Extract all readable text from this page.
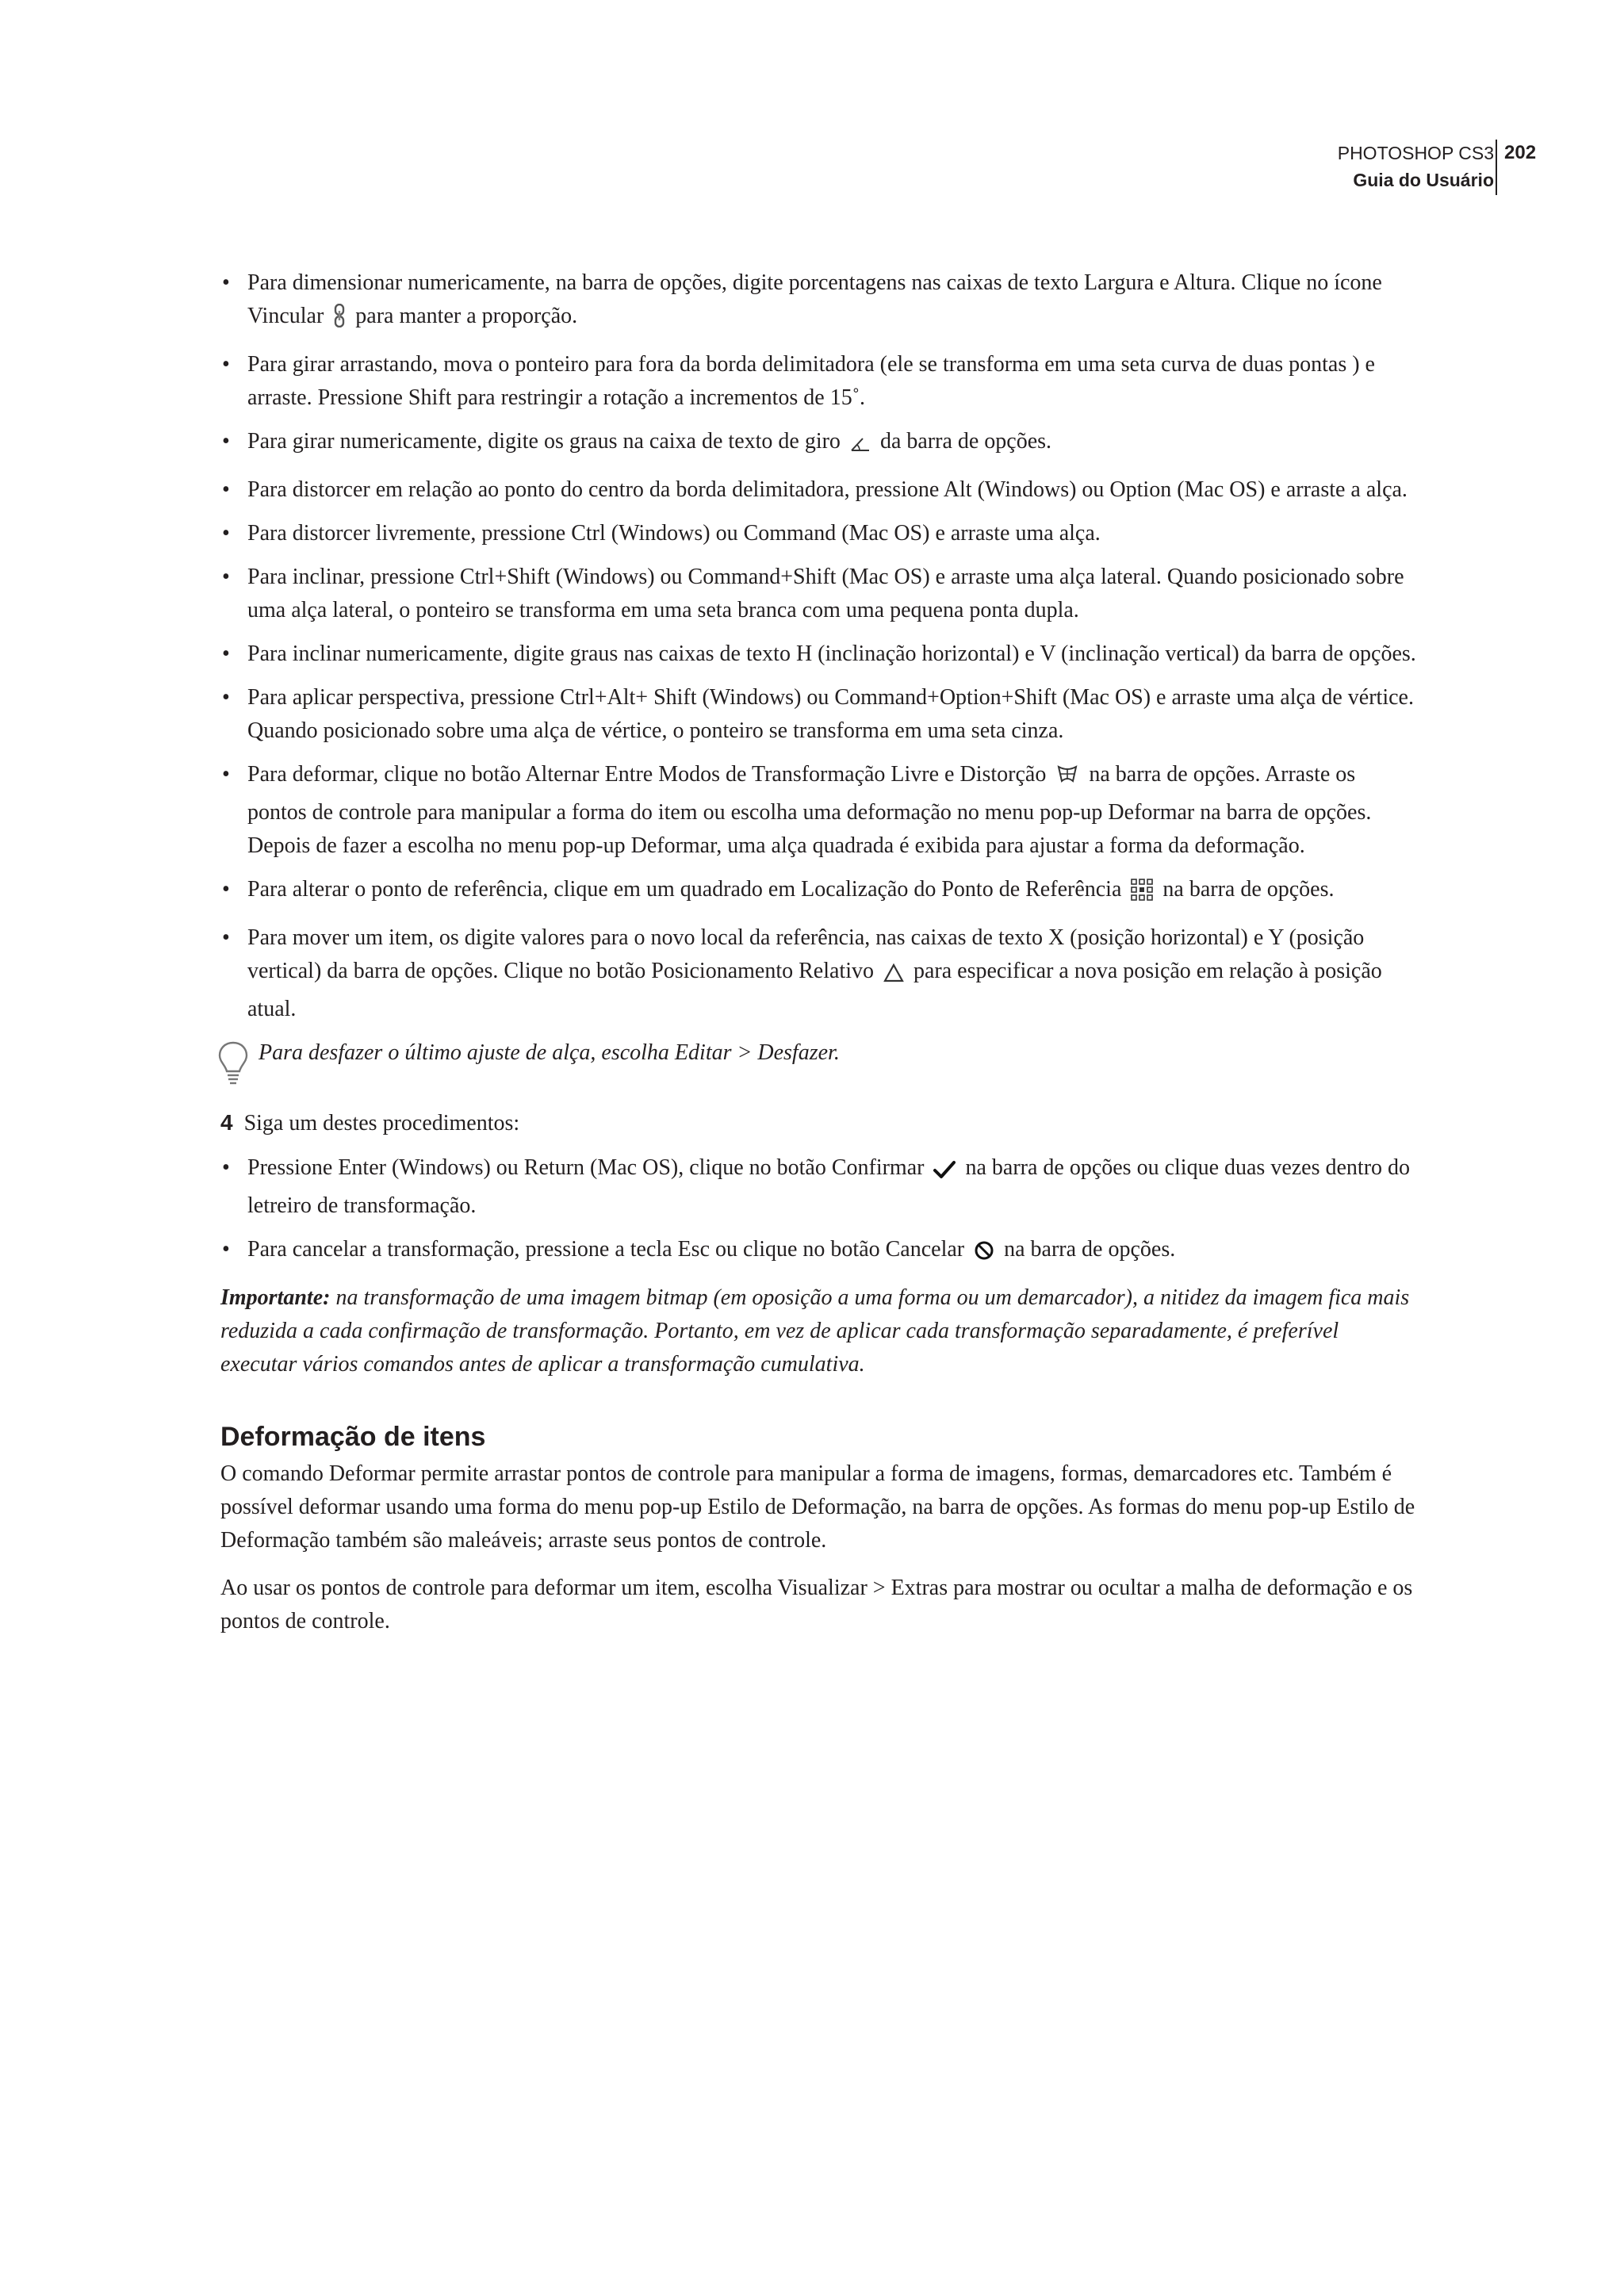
PHOTOSHOP CS3
Guia do Usuário
202
• Para dimensionar numericamente, na barra de opções, digite porcentagens nas caixas de texto Largura e Altura. Clique no ícone Vincular para manter a proporção.
• Para girar arrastando, mova o ponteiro para fora da borda delimitadora (ele se transforma em uma seta curva de duas pontas ) e arraste. Pressione Shift para restringir a rotação a incrementos de 15˚.
• Para girar numericamente, digite os graus na caixa de texto de giro da barra de opções.
• Para distorcer em relação ao ponto do centro da borda delimitadora, pressione Alt (Windows) ou Option (Mac OS) e arraste a alça.
• Para distorcer livremente, pressione Ctrl (Windows) ou Command (Mac OS) e arraste uma alça.
• Para inclinar, pressione Ctrl+Shift (Windows) ou Command+Shift (Mac OS) e arraste uma alça lateral. Quando posicionado sobre uma alça lateral, o ponteiro se transforma em uma seta branca com uma pequena ponta dupla.
• Para inclinar numericamente, digite graus nas caixas de texto H (inclinação horizontal) e V (inclinação vertical) da barra de opções.
• Para aplicar perspectiva, pressione Ctrl+Alt+ Shift (Windows) ou Command+Option+Shift (Mac OS) e arraste uma alça de vértice. Quando posicionado sobre uma alça de vértice, o ponteiro se transforma em uma seta cinza.
• Para deformar, clique no botão Alternar Entre Modos de Transformação Livre e Distorção na barra de opções. Arraste os pontos de controle para manipular a forma do item ou escolha uma deformação no menu pop-up Deformar na barra de opções. Depois de fazer a escolha no menu pop-up Deformar, uma alça quadrada é exibida para ajustar a forma da deformação.
• Para alterar o ponto de referência, clique em um quadrado em Localização do Ponto de Referência na barra de opções.
• Para mover um item, os digite valores para o novo local da referência, nas caixas de texto X (posição horizontal) e Y (posição vertical) da barra de opções. Clique no botão Posicionamento Relativo para especificar a nova posição em relação à posição atual.
Para desfazer o último ajuste de alça, escolha Editar > Desfazer.
4 Siga um destes procedimentos:
• Pressione Enter (Windows) ou Return (Mac OS), clique no botão Confirmar na barra de opções ou clique duas vezes dentro do letreiro de transformação.
• Para cancelar a transformação, pressione a tecla Esc ou clique no botão Cancelar na barra de opções.

Importante: na transformação de uma imagem bitmap (em oposição a uma forma ou um demarcador), a nitidez da imagem fica mais reduzida a cada confirmação de transformação. Portanto, em vez de aplicar cada transformação separadamente, é preferível executar vários comandos antes de aplicar a transformação cumulativa.

Deformação de itens

O comando Deformar permite arrastar pontos de controle para manipular a forma de imagens, formas, demarcadores etc. Também é possível deformar usando uma forma do menu pop-up Estilo de Deformação, na barra de opções. As formas do menu pop-up Estilo de Deformação também são maleáveis; arraste seus pontos de controle.

Ao usar os pontos de controle para deformar um item, escolha Visualizar > Extras para mostrar ou ocultar a malha de deformação e os pontos de controle.
